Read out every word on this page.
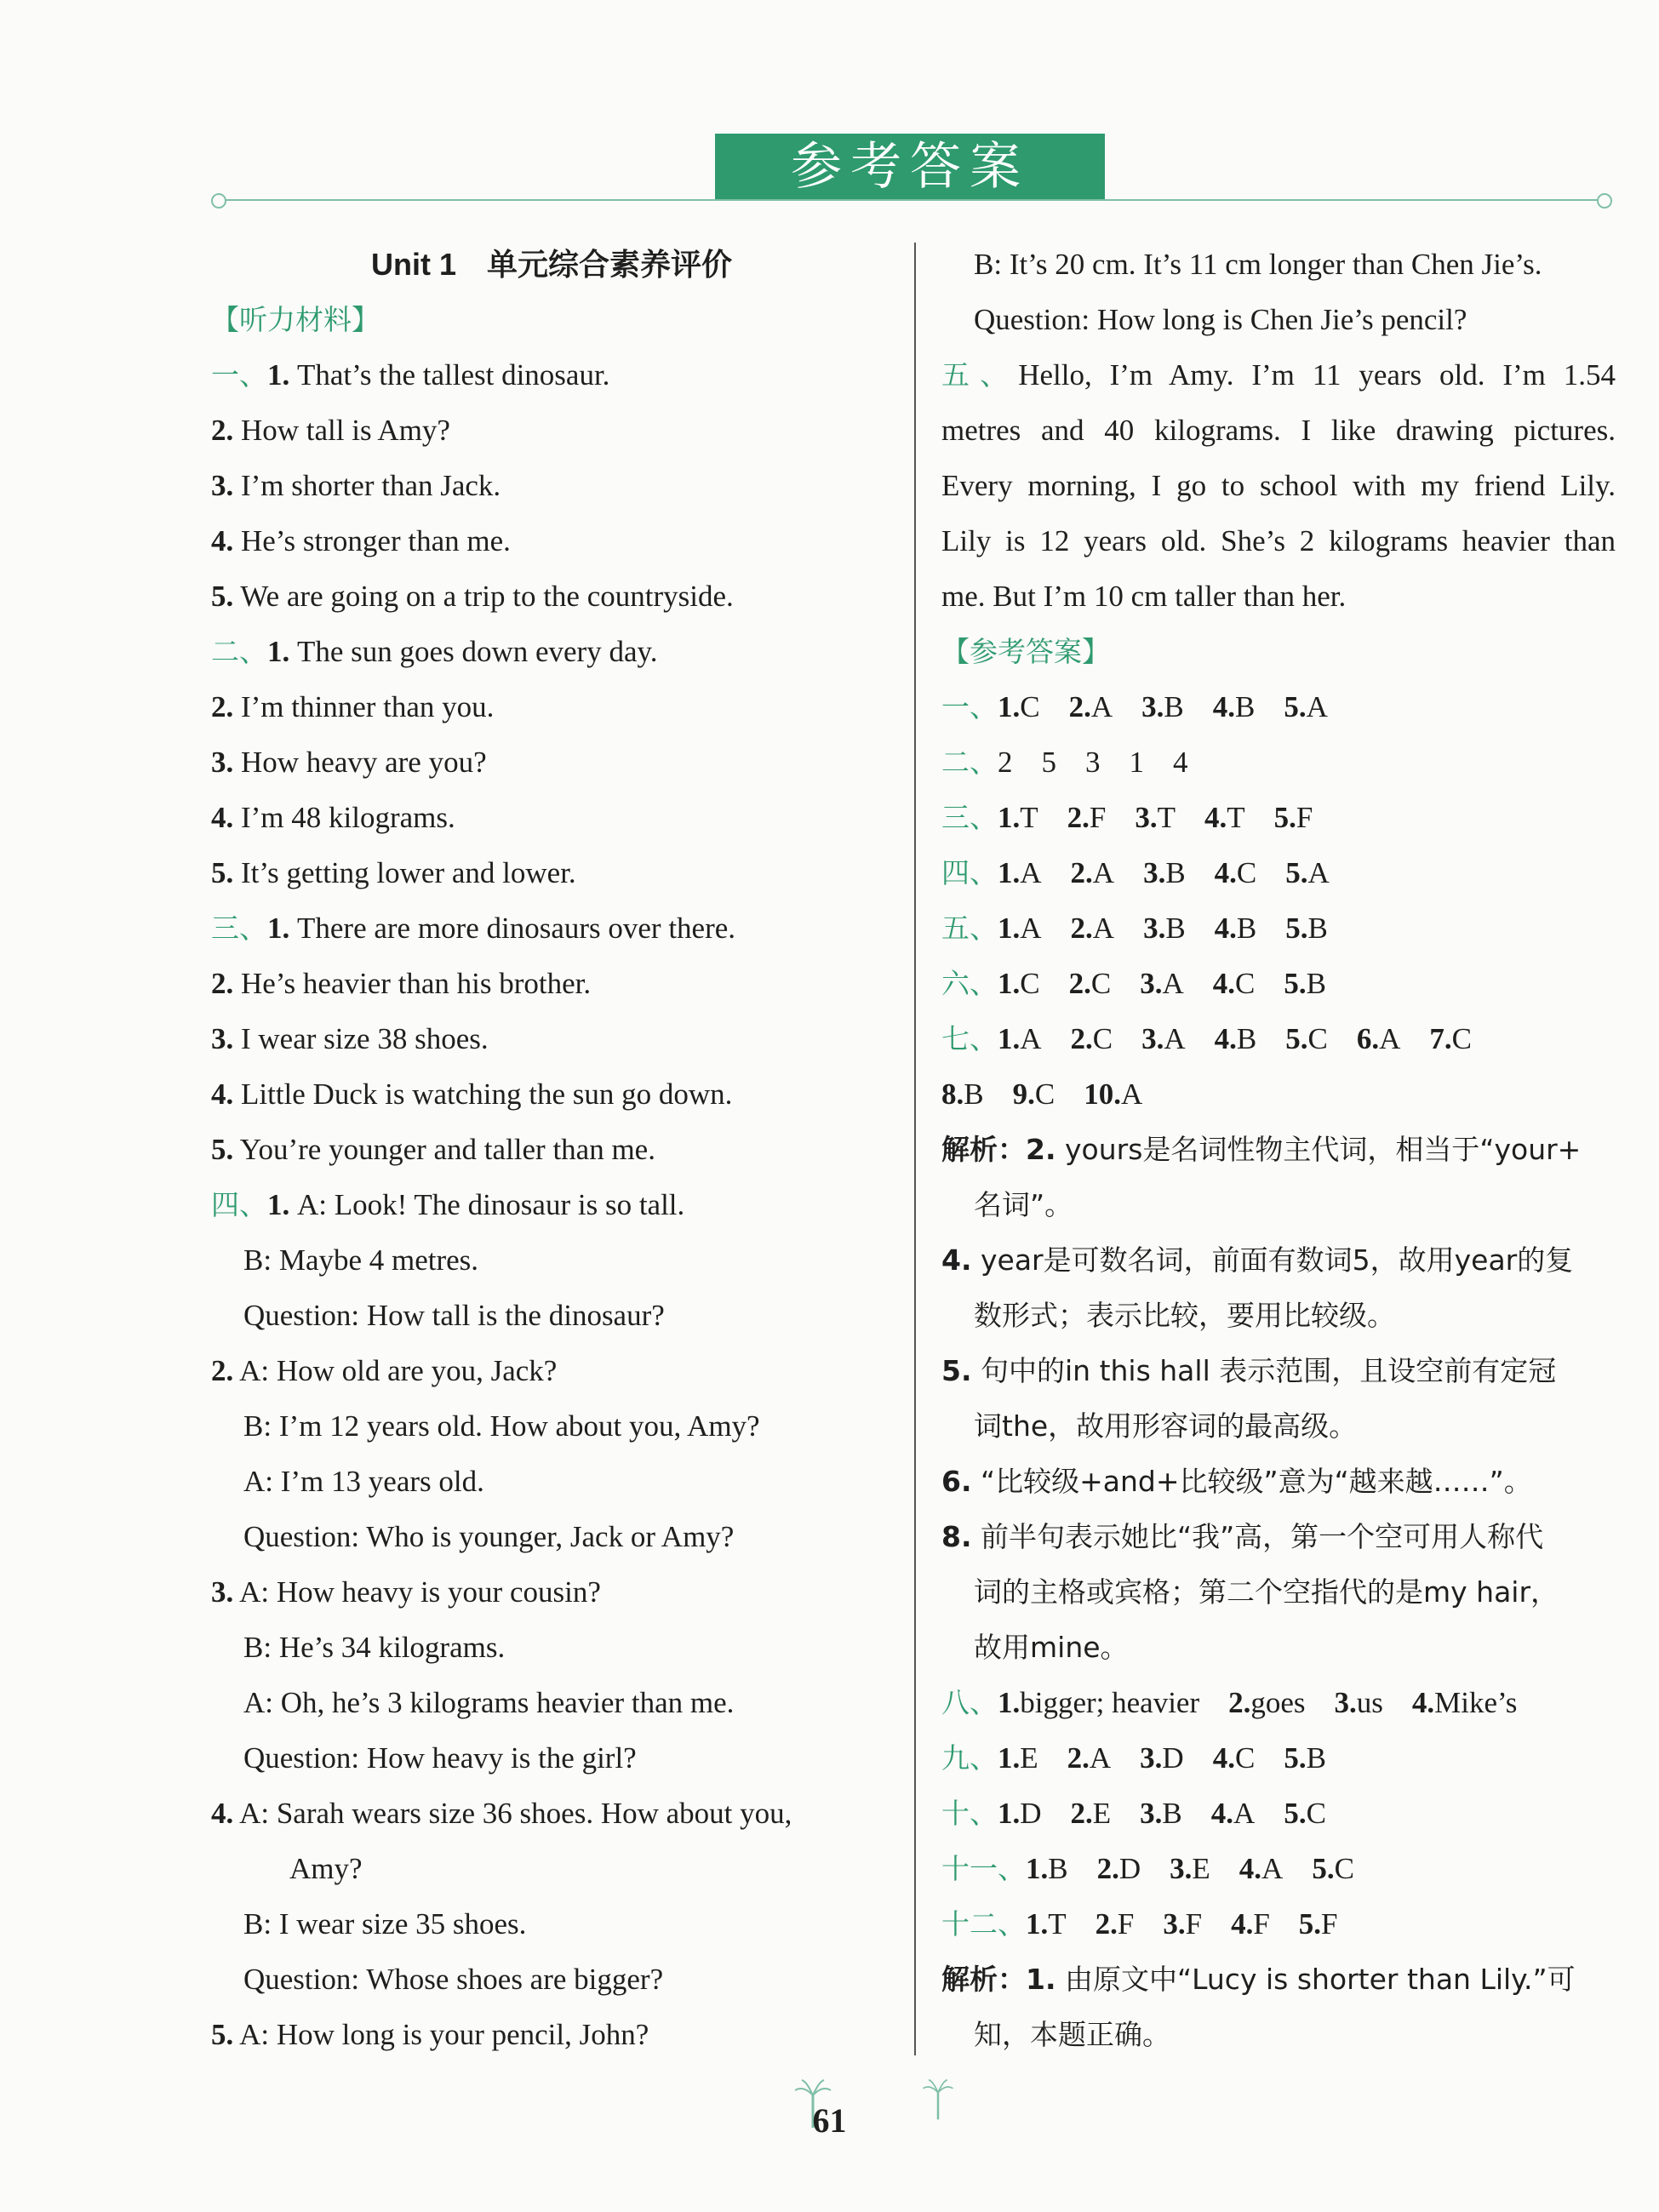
参考答案
Unit 1　单元综合素养评价
【听力材料】
一、1. That’s the tallest dinosaur.
2. How tall is Amy?
3. I’m shorter than Jack.
4. He’s stronger than me.
5. We are going on a trip to the countryside.
二、1. The sun goes down every day.
2. I’m thinner than you.
3. How heavy are you?
4. I’m 48 kilograms.
5. It’s getting lower and lower.
三、1. There are more dinosaurs over there.
2. He’s heavier than his brother.
3. I wear size 38 shoes.
4. Little Duck is watching the sun go down.
5. You’re younger and taller than me.
四、1. A: Look! The dinosaur is so tall.
B: Maybe 4 metres.
Question: How tall is the dinosaur?
2. A: How old are you, Jack?
B: I’m 12 years old. How about you, Amy?
A: I’m 13 years old.
Question: Who is younger, Jack or Amy?
3. A: How heavy is your cousin?
B: He’s 34 kilograms.
A: Oh, he’s 3 kilograms heavier than me.
Question: How heavy is the girl?
4. A: Sarah wears size 36 shoes. How about you,
Amy?
B: I wear size 35 shoes.
Question: Whose shoes are bigger?
5. A: How long is your pencil, John?
B: It’s 20 cm. It’s 11 cm longer than Chen Jie’s.
Question: How long is Chen Jie’s pencil?
五、Hello, I’m Amy. I’m 11 years old. I’m 1.54
metres and 40 kilograms. I like drawing pictures.
Every morning, I go to school with my friend Lily.
Lily is 12 years old. She’s 2 kilograms heavier than
me. But I’m 10 cm taller than her.
【参考答案】
一、1.C 2.A 3.B 4.B 5.A
二、2 5 3 1 4
三、1.T 2.F 3.T 4.T 5.F
四、1.A 2.A 3.B 4.C 5.A
五、1.A 2.A 3.B 4.B 5.B
六、1.C 2.C 3.A 4.C 5.B
七、1.A 2.C 3.A 4.B 5.C 6.A 7.C
8.B 9.C 10.A
解析：2. yours是名词性物主代词，相当于“your+
名词”。
4. year是可数名词，前面有数词5，故用year的复
数形式；表示比较，要用比较级。
5. 句中的in this hall 表示范围，且设空前有定冠
词the，故用形容词的最高级。
6. “比较级+and+比较级”意为“越来越……”。
8. 前半句表示她比“我”高，第一个空可用人称代
词的主格或宾格；第二个空指代的是my hair，
故用mine。
八、1.bigger; heavier 2.goes 3.us 4.Mike’s
九、1.E 2.A 3.D 4.C 5.B
十、1.D 2.E 3.B 4.A 5.C
十一、1.B 2.D 3.E 4.A 5.C
十二、1.T 2.F 3.F 4.F 5.F
解析：1. 由原文中“Lucy is shorter than Lily.”可
知，本题正确。
61
